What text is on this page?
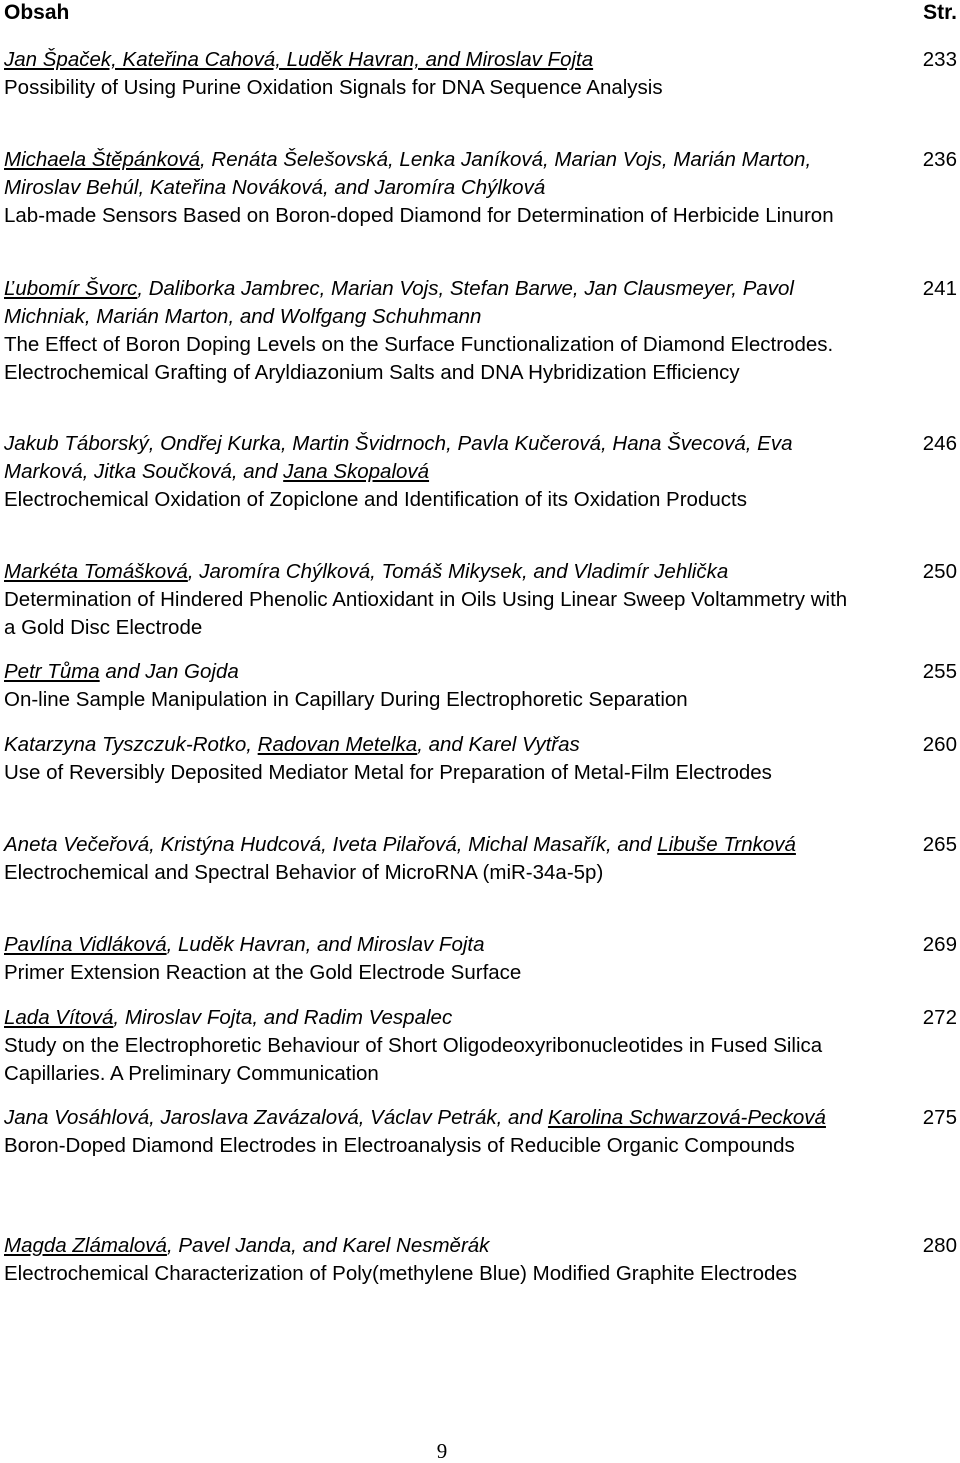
Obsah	Str.
Jan Špaček, Kateřina Cahová, Luděk Havran, and Miroslav Fojta
Possibility of Using Purine Oxidation Signals for DNA Sequence Analysis
233
Michaela Štěpánková, Renáta Šelešovská, Lenka Janíková, Marian Vojs, Marián Marton, Miroslav Behúl, Kateřina Nováková, and Jaromíra Chýlková
Lab-made Sensors Based on Boron-doped Diamond for Determination of Herbicide Linuron
236
Ľubomír Švorc, Daliborka Jambrec, Marian Vojs, Stefan Barwe, Jan Clausmeyer, Pavol Michniak, Marián Marton, and Wolfgang Schuhmann
The Effect of Boron Doping Levels on the Surface Functionalization of Diamond Electrodes. Electrochemical Grafting of Aryldiazonium Salts and DNA Hybridization Efficiency
241
Jakub Táborský, Ondřej Kurka, Martin Švidrnoch, Pavla Kučerová, Hana Švecová, Eva Marková, Jitka Součková, and Jana Skopalová
Electrochemical Oxidation of Zopiclone and Identification of its Oxidation Products
246
Markéta Tomášková, Jaromíra Chýlková, Tomáš Mikysek, and Vladimír Jehlička
Determination of Hindered Phenolic Antioxidant in Oils Using Linear Sweep Voltammetry with a Gold Disc Electrode
250
Petr Tůma and Jan Gojda
On-line Sample Manipulation in Capillary During Electrophoretic Separation
255
Katarzyna Tyszczuk-Rotko, Radovan Metelka, and Karel Vytřas
Use of Reversibly Deposited Mediator Metal for Preparation of Metal-Film Electrodes
260
Aneta Večeřová, Kristýna Hudcová, Iveta Pilařová, Michal Masařík, and Libuše Trnková
Electrochemical and Spectral Behavior of MicroRNA (miR-34a-5p)
265
Pavlína Vidláková, Luděk Havran, and Miroslav Fojta
Primer Extension Reaction at the Gold Electrode Surface
269
Lada Vítová, Miroslav Fojta, and Radim Vespalec
Study on the Electrophoretic Behaviour of Short Oligodeoxyribonucleotides in Fused Silica Capillaries. A Preliminary Communication
272
Jana Vosáhlová, Jaroslava Zavázalová, Václav Petrák, and Karolina Schwarzová-Pecková
Boron-Doped Diamond Electrodes in Electroanalysis of Reducible Organic Compounds
275
Magda Zlámalová, Pavel Janda, and Karel Nesměrák
Electrochemical Characterization of Poly(methylene Blue) Modified Graphite Electrodes
280
9
